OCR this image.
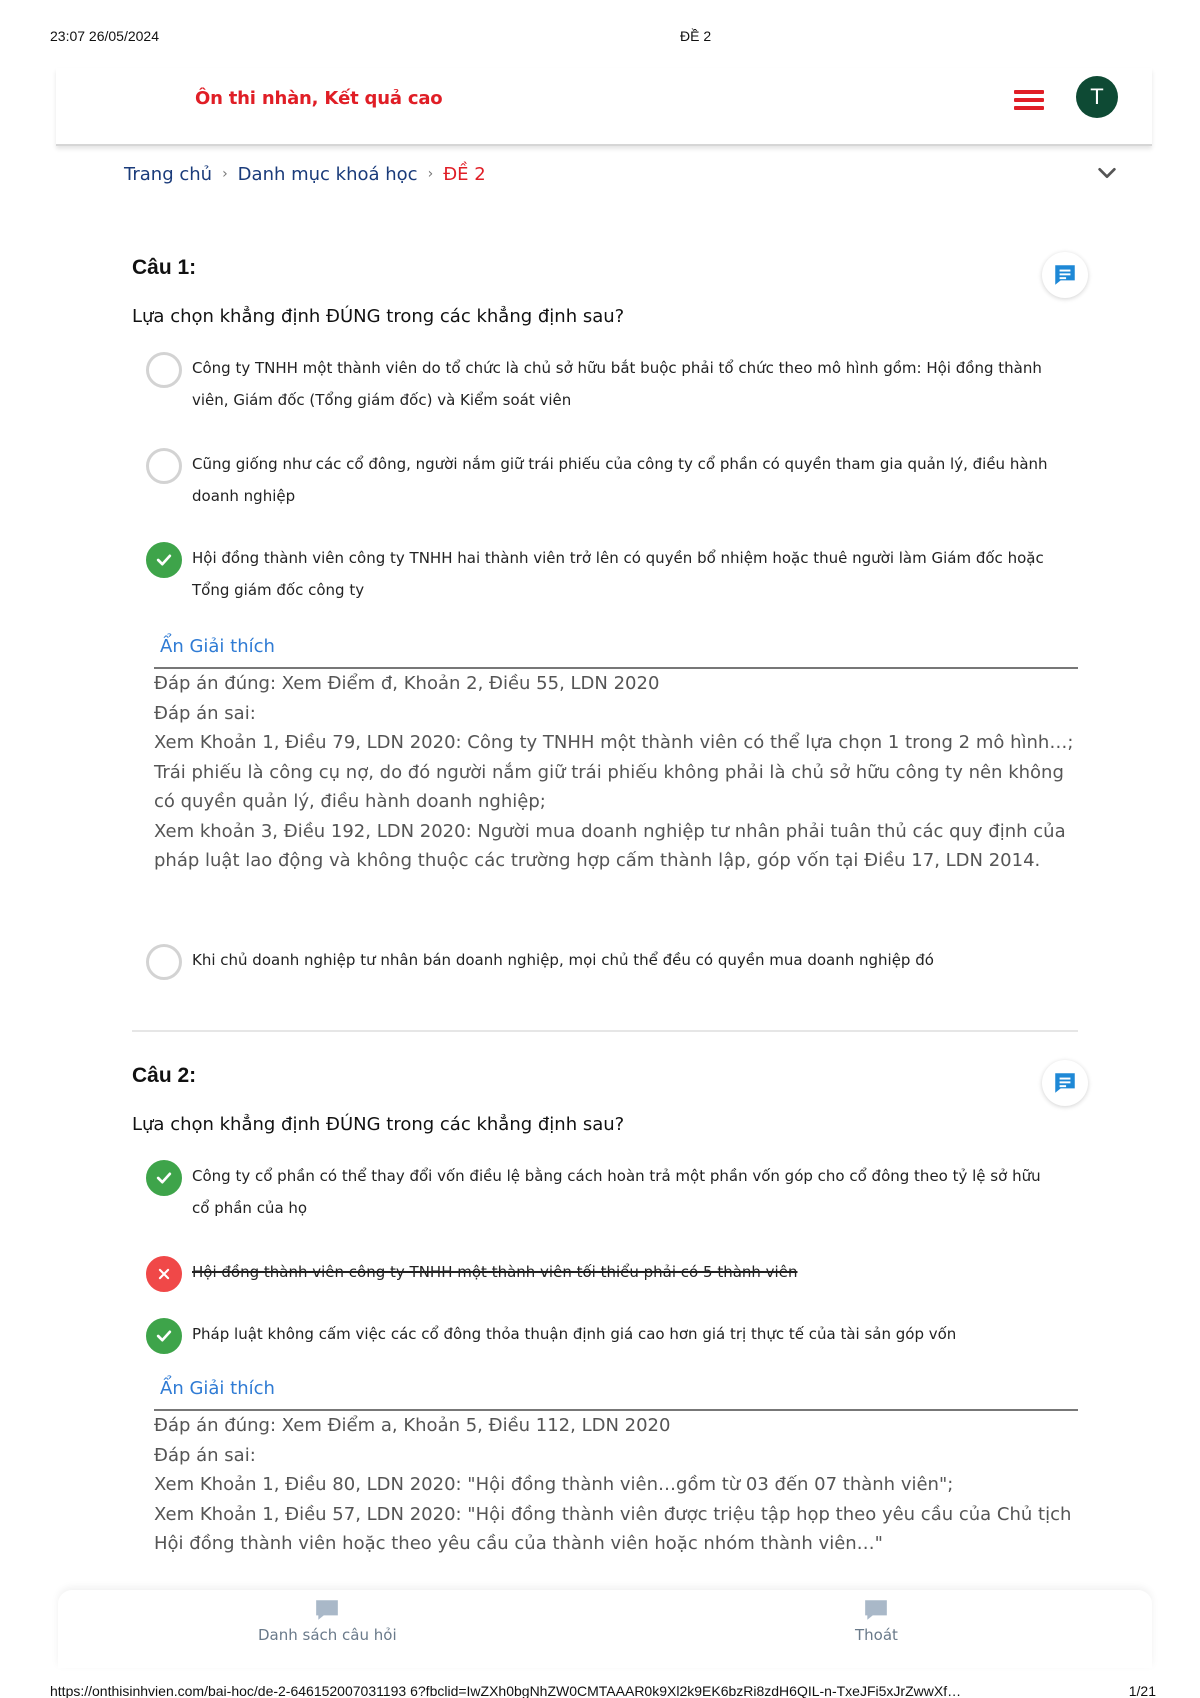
23:07 26/05/2024	ĐỀ 2
Ôn thi nhàn, Kết quả cao	T
Trang chủ › Danh mục khoá học › ĐỀ 2
Câu 1:
Lựa chọn khẳng định ĐÚNG trong các khẳng định sau?
Công ty TNHH một thành viên do tổ chức là chủ sở hữu bắt buộc phải tổ chức theo mô hình gồm: Hội đồng thành viên, Giám đốc (Tổng giám đốc) và Kiểm soát viên
Cũng giống như các cổ đông, người nắm giữ trái phiếu của công ty cổ phần có quyền tham gia quản lý, điều hành doanh nghiệp
Hội đồng thành viên công ty TNHH hai thành viên trở lên có quyền bổ nhiệm hoặc thuê người làm Giám đốc hoặc Tổng giám đốc công ty
Ẩn Giải thích

Đáp án đúng: Xem Điểm đ, Khoản 2, Điều 55, LDN 2020

Đáp án sai:

Xem Khoản 1, Điều 79, LDN 2020: Công ty TNHH một thành viên có thể lựa chọn 1 trong 2 mô hình…;

Trái phiếu là công cụ nợ, do đó người nắm giữ trái phiếu không phải là chủ sở hữu công ty nên không có quyền quản lý, điều hành doanh nghiệp;

Xem khoản 3, Điều 192, LDN 2020: Người mua doanh nghiệp tư nhân phải tuân thủ các quy định của pháp luật lao động và không thuộc các trường hợp cấm thành lập, góp vốn tại Điều 17, LDN 2014.

Khi chủ doanh nghiệp tư nhân bán doanh nghiệp, mọi chủ thể đều có quyền mua doanh nghiệp đó
Câu 2:
Lựa chọn khẳng định ĐÚNG trong các khẳng định sau?
Công ty cổ phần có thể thay đổi vốn điều lệ bằng cách hoàn trả một phần vốn góp cho cổ đông theo tỷ lệ sở hữu cổ phần của họ
Hội đồng thành viên công ty TNHH một thành viên tối thiểu phải có 5 thành viên
Pháp luật không cấm việc các cổ đông thỏa thuận định giá cao hơn giá trị thực tế của tài sản góp vốn
Ẩn Giải thích

Đáp án đúng: Xem Điểm a, Khoản 5, Điều 112, LDN 2020

Đáp án sai:

Xem Khoản 1, Điều 80, LDN 2020: "Hội đồng thành viên…gồm từ 03 đến 07 thành viên";

Xem Khoản 1, Điều 57, LDN 2020: "Hội đồng thành viên được triệu tập họp theo yêu cầu của Chủ tịch Hội đồng thành viên hoặc theo yêu cầu của thành viên hoặc nhóm thành viên…"

Danh sách câu hỏi	Thoát
https://onthisinhvien.com/bai-hoc/de-2-646152007031193 6?fbclid=IwZXh0bgNhZW0CMTAAAR0k9Xl2k9EK6bzRi8zdH6QIL-n-TxeJFi5xJrZwwXf…	1/21
